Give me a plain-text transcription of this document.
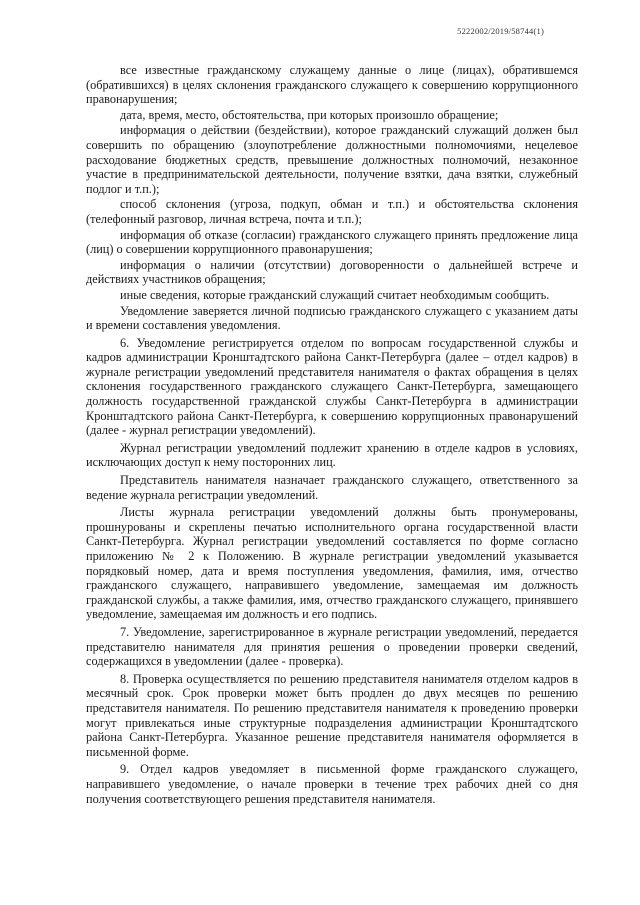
5222002/2019/58744(1)

все известные гражданскому служащему данные о лице (лицах), обратившемся (обратившихся) в целях склонения гражданского служащего к совершению коррупционного правонарушения;

дата, время, место, обстоятельства, при которых произошло обращение;

информация о действии (бездействии), которое гражданский служащий должен был совершить по обращению (злоупотребление должностными полномочиями, нецелевое расходование бюджетных средств, превышение должностных полномочий, незаконное участие в предпринимательской деятельности, получение взятки, дача взятки, служебный подлог и т.п.);

способ склонения (угроза, подкуп, обман и т.п.) и обстоятельства склонения (телефонный разговор, личная встреча, почта и т.п.);

информация об отказе (согласии) гражданского служащего принять предложение лица (лиц) о совершении коррупционного правонарушения;

информация о наличии (отсутствии) договоренности о дальнейшей встрече и действиях участников обращения;

иные сведения, которые гражданский служащий считает необходимым сообщить.

Уведомление заверяется личной подписью гражданского служащего с указанием даты и времени составления уведомления.

6. Уведомление регистрируется отделом по вопросам государственной службы и кадров администрации Кронштадтского района Санкт-Петербурга (далее – отдел кадров) в журнале регистрации уведомлений представителя нанимателя о фактах обращения в целях склонения государственного гражданского служащего Санкт-Петербурга, замещающего должность государственной гражданской службы Санкт-Петербурга в администрации Кронштадтского района Санкт-Петербурга, к совершению коррупционных правонарушений (далее - журнал регистрации уведомлений).

Журнал регистрации уведомлений подлежит хранению в отделе кадров в условиях, исключающих доступ к нему посторонних лиц.

Представитель нанимателя назначает гражданского служащего, ответственного за ведение журнала регистрации уведомлений.

Листы журнала регистрации уведомлений должны быть пронумерованы, прошнурованы и скреплены печатью исполнительного органа государственной власти Санкт-Петербурга. Журнал регистрации уведомлений составляется по форме согласно приложению № 2 к Положению. В журнале регистрации уведомлений указывается порядковый номер, дата и время поступления уведомления, фамилия, имя, отчество гражданского служащего, направившего уведомление, замещаемая им должность гражданской службы, а также фамилия, имя, отчество гражданского служащего, принявшего уведомление, замещаемая им должность и его подпись.

7. Уведомление, зарегистрированное в журнале регистрации уведомлений, передается представителю нанимателя для принятия решения о проведении проверки сведений, содержащихся в уведомлении (далее - проверка).

8. Проверка осуществляется по решению представителя нанимателя отделом кадров в месячный срок. Срок проверки может быть продлен до двух месяцев по решению представителя нанимателя. По решению представителя нанимателя к проведению проверки могут привлекаться иные структурные подразделения администрации Кронштадтского района Санкт-Петербурга. Указанное решение представителя нанимателя оформляется в письменной форме.

9. Отдел кадров уведомляет в письменной форме гражданского служащего, направившего уведомление, о начале проверки в течение трех рабочих дней со дня получения соответствующего решения представителя нанимателя.
